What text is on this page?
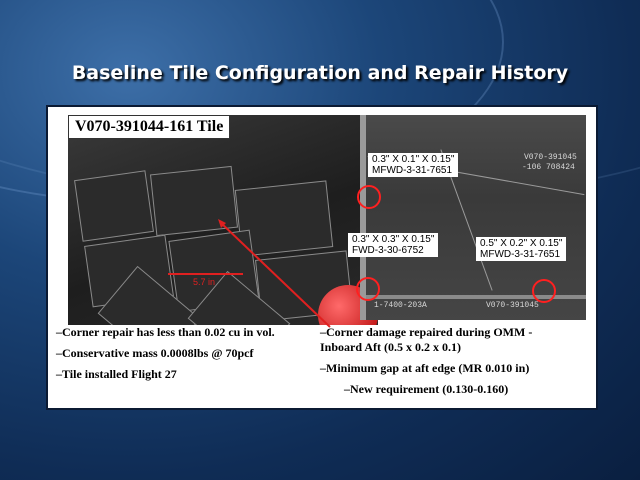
Baseline Tile Configuration and Repair History
5.7 in
V070-391044-161 Tile
V070-391045
-106 708424
1-7400-203A	V070-391045
0.3" X 0.1" X 0.15"
MFWD-3-31-7651
0.3" X 0.3" X 0.15"
FWD-3-30-6752
0.5" X 0.2" X 0.15"
MFWD-3-31-7651
–Corner repair has less than 0.02 cu in vol.
–Conservative mass 0.0008lbs @ 70pcf
–Tile installed Flight 27
–Corner damage repaired during OMM -
Inboard Aft (0.5 x 0.2 x 0.1)
–Minimum gap at aft edge (MR 0.010 in)
–New requirement (0.130-0.160)
